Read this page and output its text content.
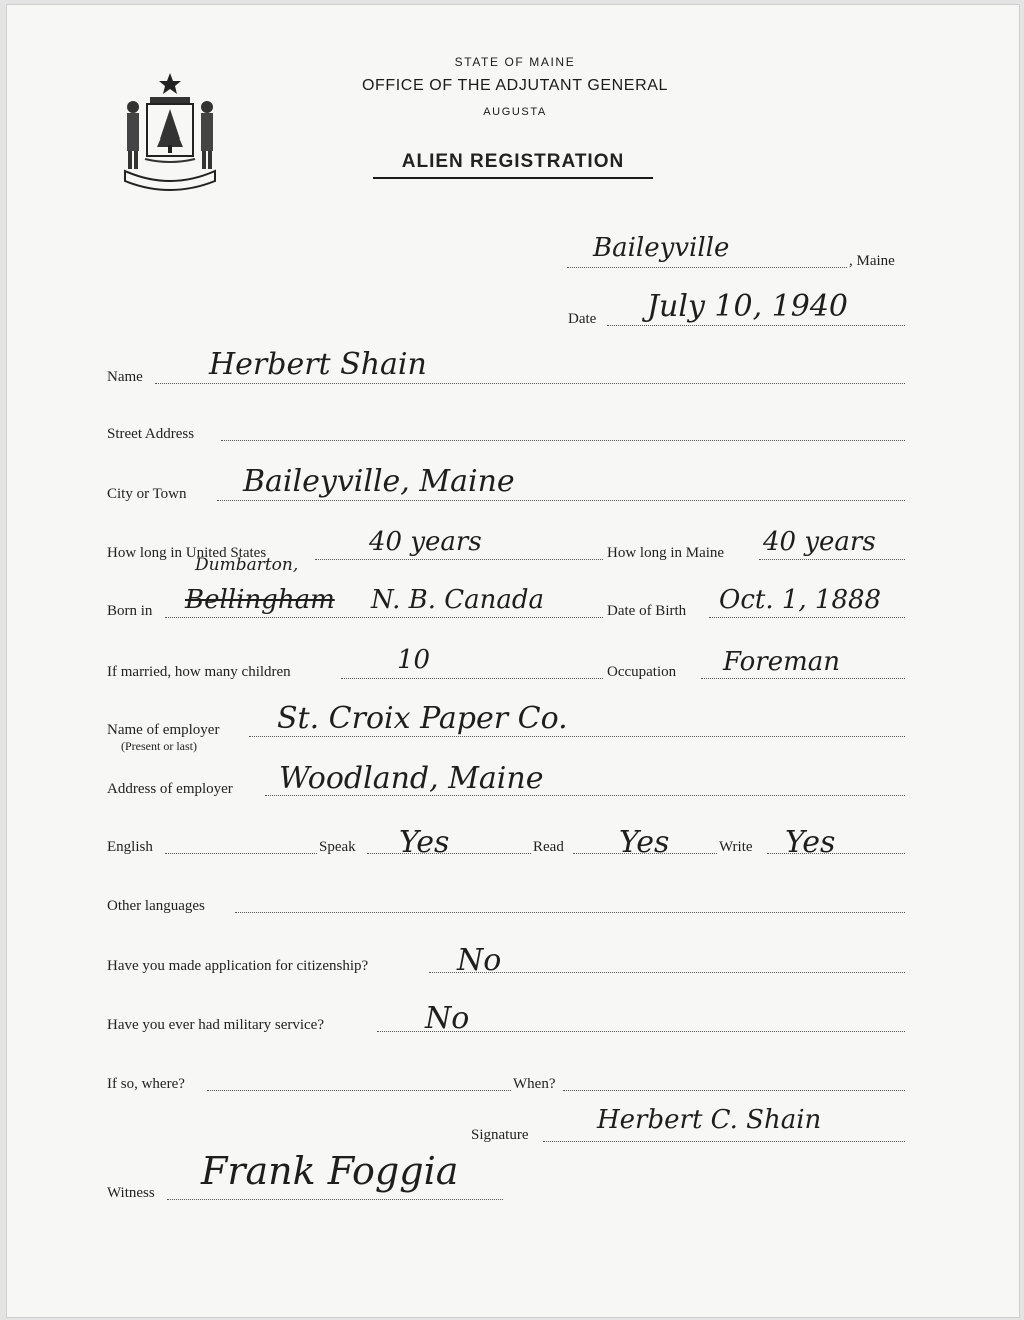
STATE OF MAINE
OFFICE OF THE ADJUTANT GENERAL
AUGUSTA
ALIEN REGISTRATION
, Maine
Baileyville
Date July 10, 1940
Name Herbert Shain
Street Address
City or Town Baileyville, Maine
How long in United States	40 years	How long in Maine 40 years
Dumbarton,
Born in Bellingham N. B. Canada	Date of Birth Oct. 1, 1888
If married, how many children	10	Occupation Foreman
Name of employer
(Present or last)
St. Croix Paper Co.
Address of employer Woodland, Maine
English	Speak Yes	Read Yes	Write Yes
Other languages
Have you made application for citizenship?	No
Have you ever had military service?	No
If so, where?	When?
Signature	Herbert C. Shain
Witness Frank Foggia
